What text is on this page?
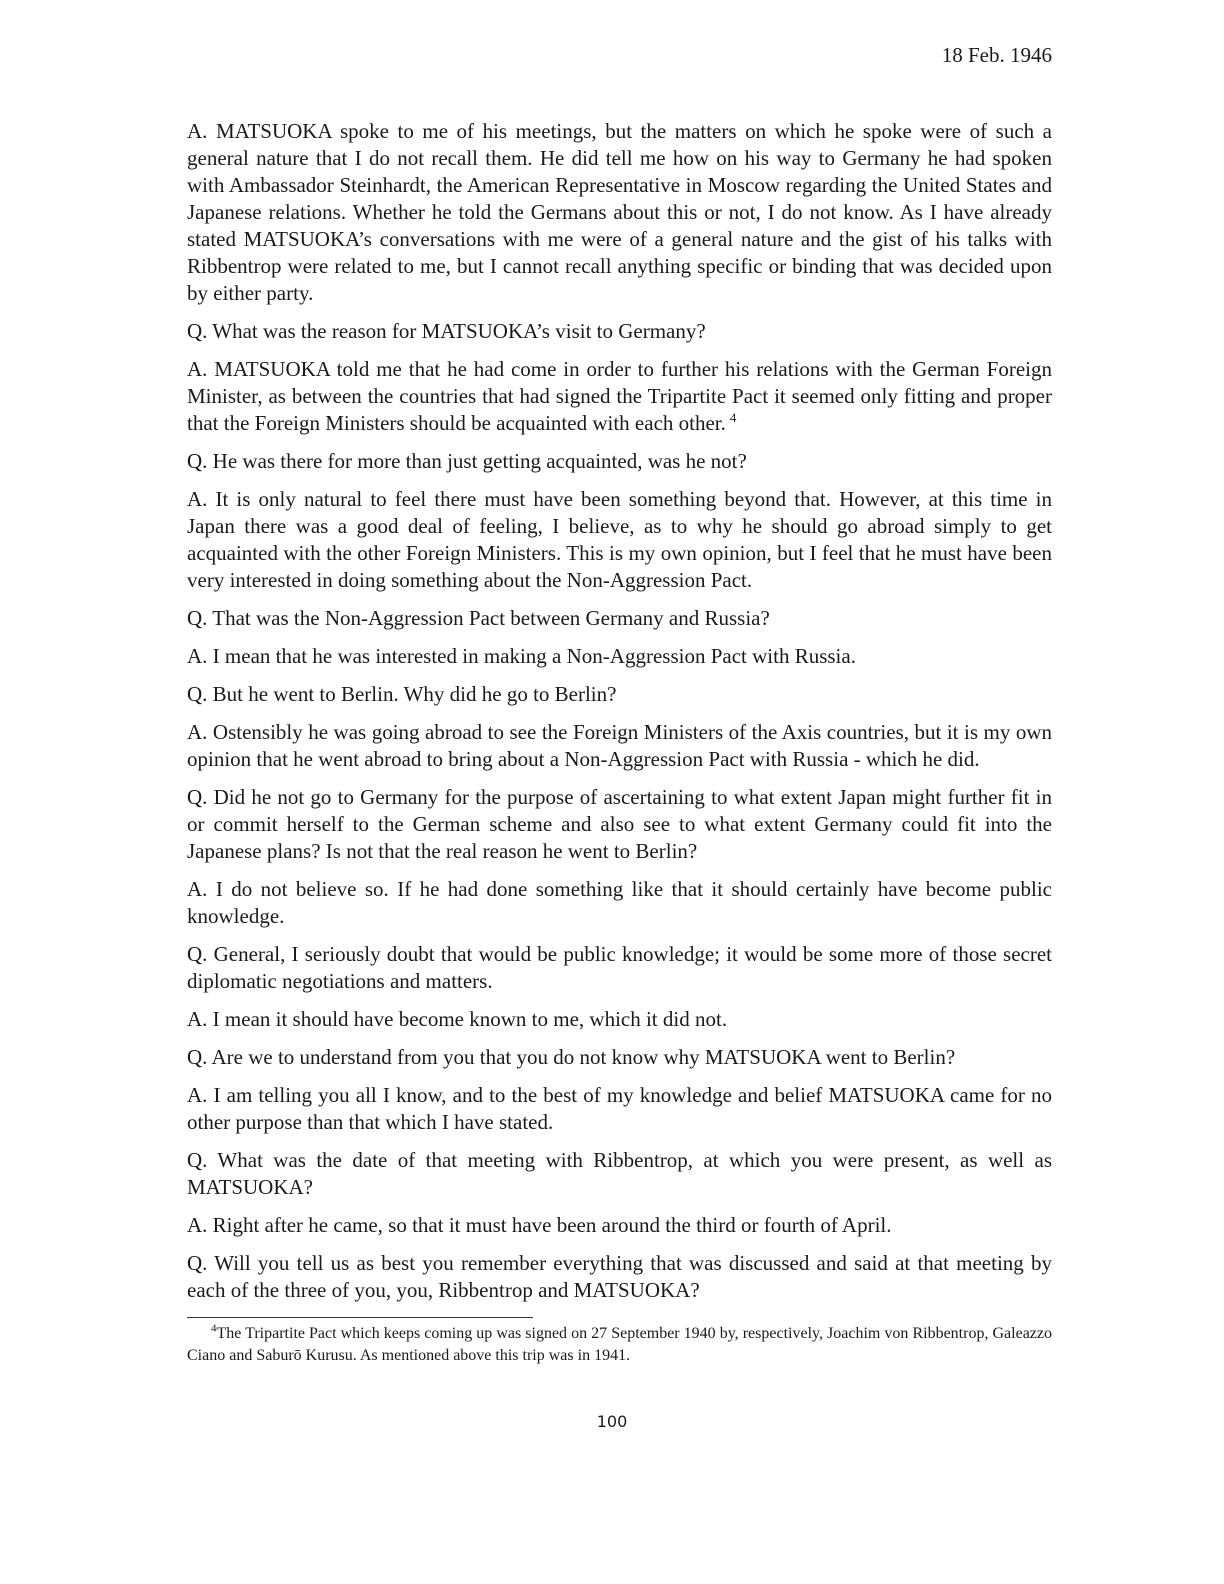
18 Feb. 1946

A. MATSUOKA spoke to me of his meetings, but the matters on which he spoke were of such a general nature that I do not recall them. He did tell me how on his way to Germany he had spoken with Ambassador Steinhardt, the American Representative in Moscow regarding the United States and Japanese relations. Whether he told the Germans about this or not, I do not know. As I have already stated MATSUOKA’s conversations with me were of a general nature and the gist of his talks with Ribbentrop were related to me, but I cannot recall anything specific or binding that was decided upon by either party.

Q. What was the reason for MATSUOKA’s visit to Germany?

A. MATSUOKA told me that he had come in order to further his relations with the German Foreign Minister, as between the countries that had signed the Tripartite Pact it seemed only fitting and proper that the Foreign Ministers should be acquainted with each other. $^4$

Q. He was there for more than just getting acquainted, was he not?

A. It is only natural to feel there must have been something beyond that. However, at this time in Japan there was a good deal of feeling, I believe, as to why he should go abroad simply to get acquainted with the other Foreign Ministers. This is my own opinion, but I feel that he must have been very interested in doing something about the Non-Aggression Pact.

Q. That was the Non-Aggression Pact between Germany and Russia?

A. I mean that he was interested in making a Non-Aggression Pact with Russia.

Q. But he went to Berlin. Why did he go to Berlin?

A. Ostensibly he was going abroad to see the Foreign Ministers of the Axis countries, but it is my own opinion that he went abroad to bring about a Non-Aggression Pact with Russia - which he did.

Q. Did he not go to Germany for the purpose of ascertaining to what extent Japan might further fit in or commit herself to the German scheme and also see to what extent Germany could fit into the Japanese plans? Is not that the real reason he went to Berlin?

A. I do not believe so. If he had done something like that it should certainly have become public knowledge.

Q. General, I seriously doubt that would be public knowledge; it would be some more of those secret diplomatic negotiations and matters.

A. I mean it should have become known to me, which it did not.

Q. Are we to understand from you that you do not know why MATSUOKA went to Berlin?

A. I am telling you all I know, and to the best of my knowledge and belief MATSUOKA came for no other purpose than that which I have stated.

Q. What was the date of that meeting with Ribbentrop, at which you were present, as well as MATSUOKA?

A. Right after he came, so that it must have been around the third or fourth of April.

Q. Will you tell us as best you remember everything that was discussed and said at that meeting by each of the three of you, you, Ribbentrop and MATSUOKA?

$^4$The Tripartite Pact which keeps coming up was signed on 27 September 1940 by, respectively, Joachim von Ribbentrop, Galeazzo Ciano and Saburō Kurusu. As mentioned above this trip was in 1941.
100
